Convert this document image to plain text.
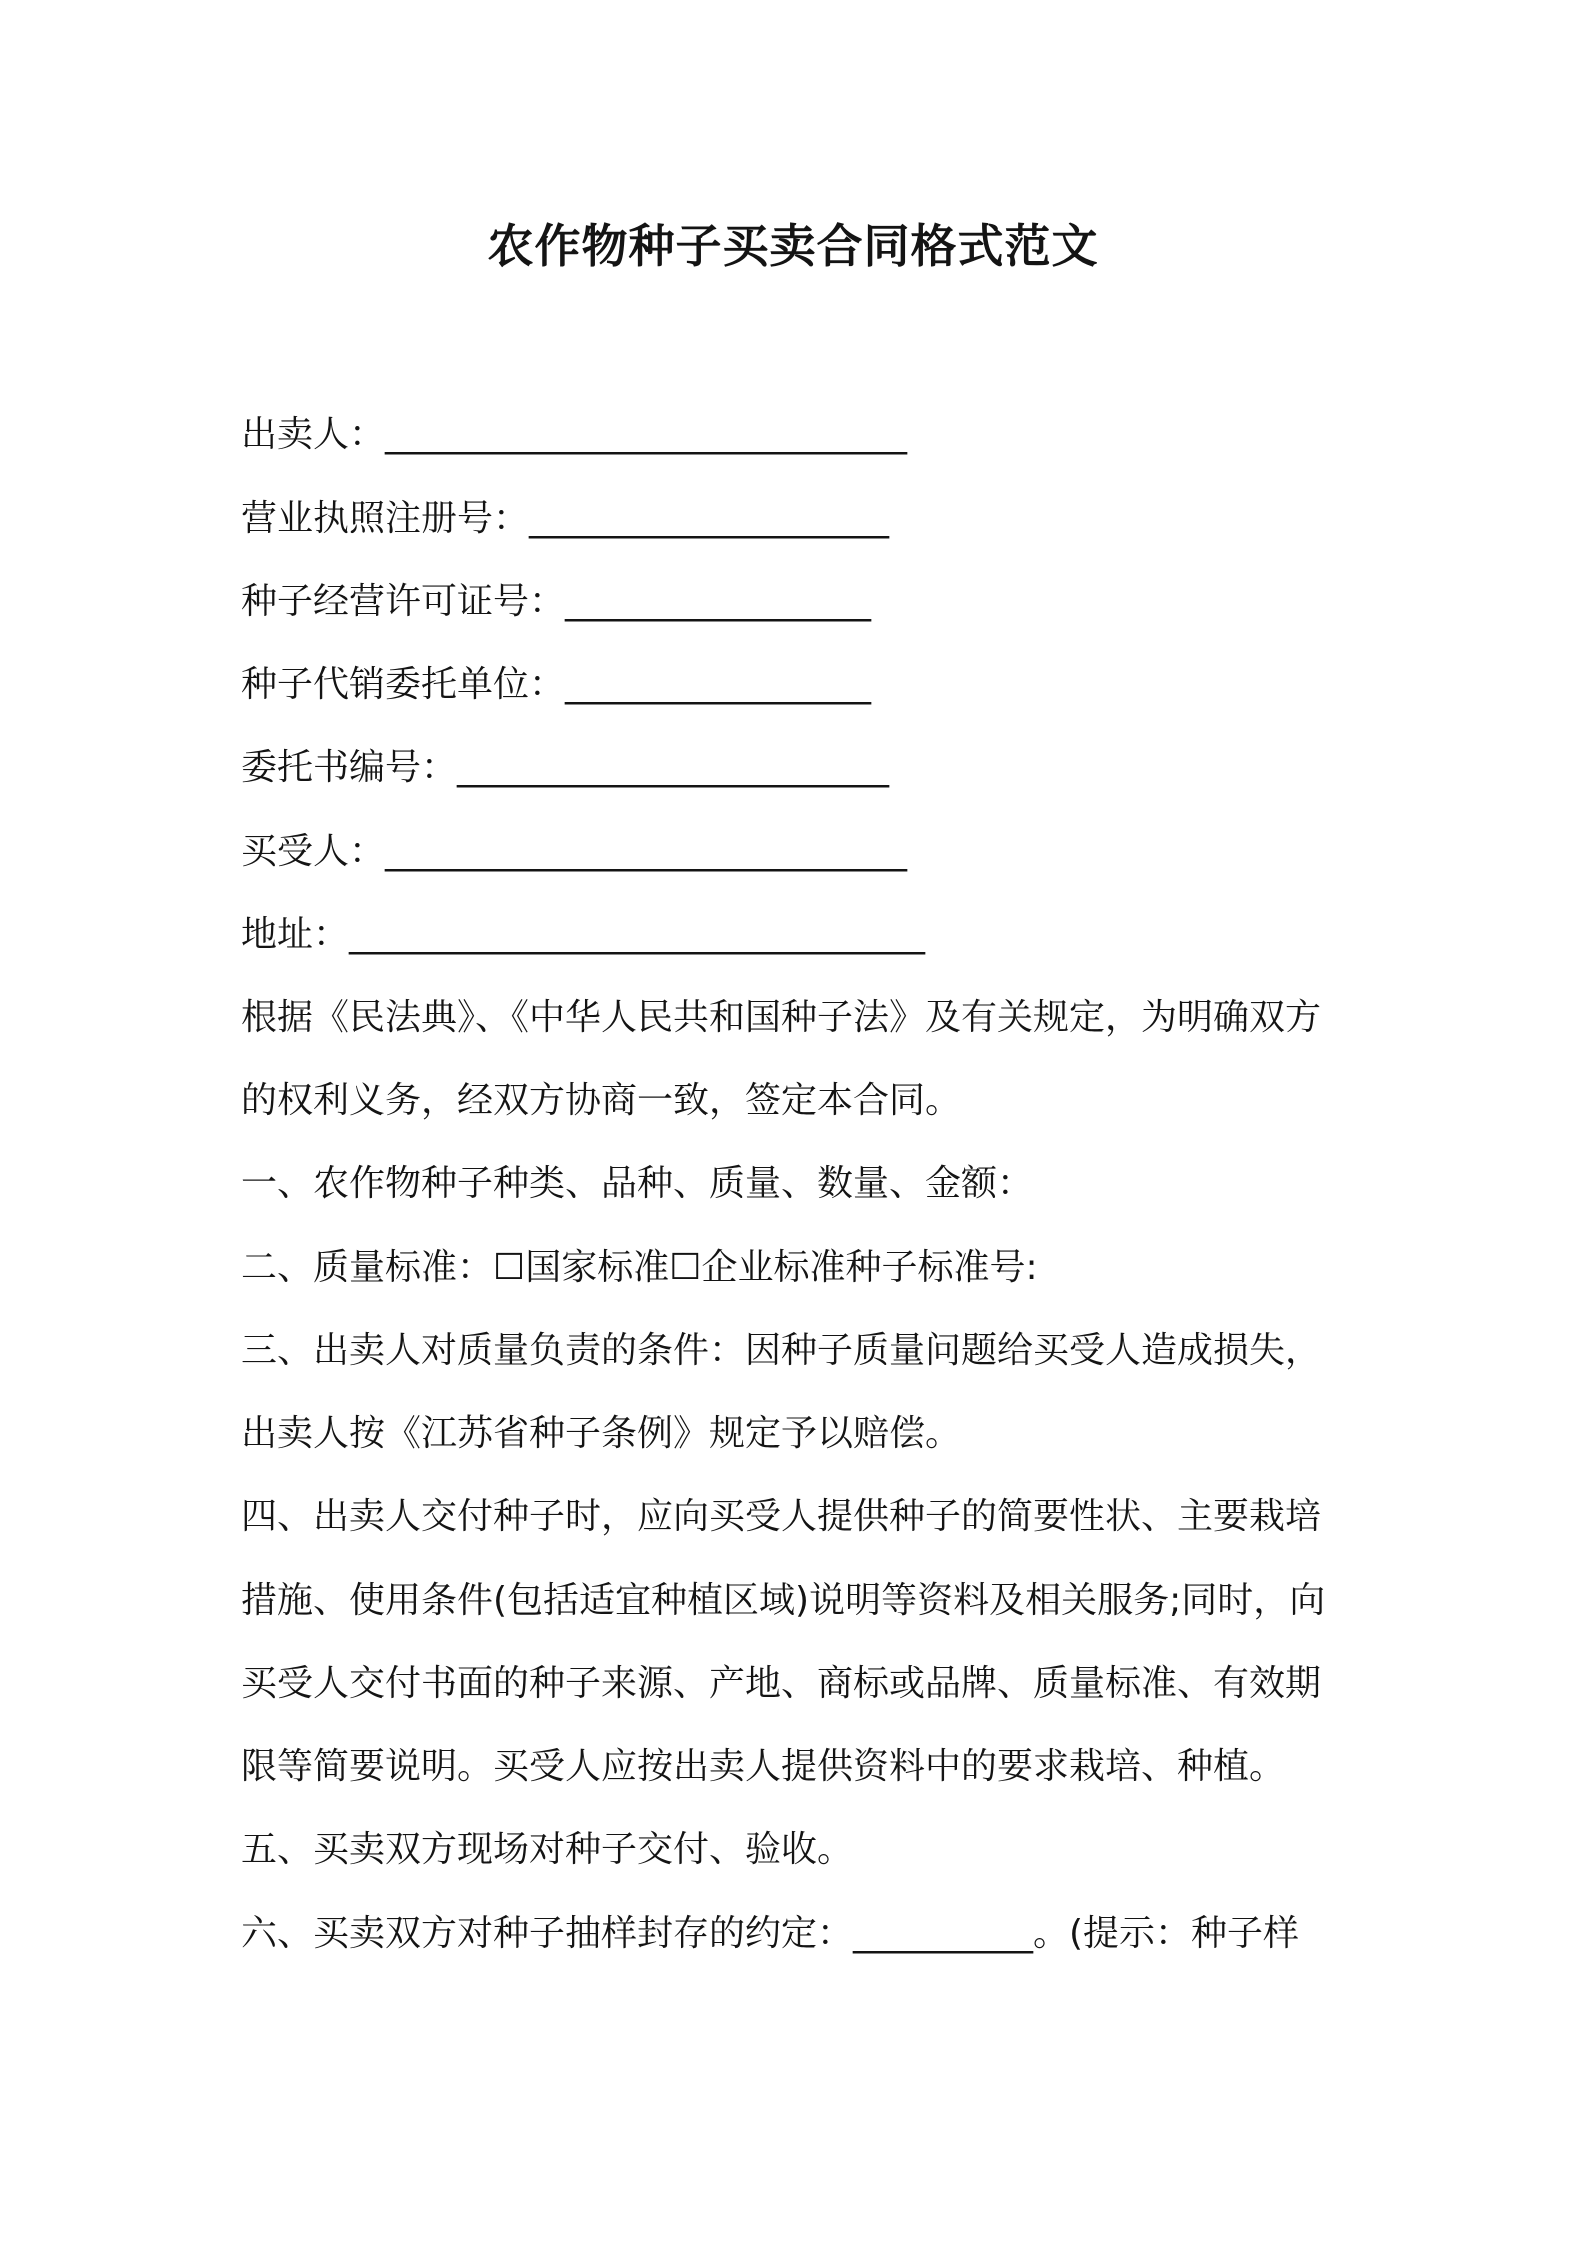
农作物种子买卖合同格式范文
出卖人：_____________________________
营业执照注册号：____________________
种子经营许可证号：_________________
种子代销委托单位：_________________
委托书编号：________________________
买受人：_____________________________
地址：________________________________
根据《民法典》、《中华人民共和国种子法》及有关规定，为明确双方
的权利义务，经双方协商一致，签定本合同。
一、农作物种子种类、品种、质量、数量、金额：
二、质量标准：☐国家标准☐企业标准种子标准号:
三、出卖人对质量负责的条件：因种子质量问题给买受人造成损失，
出卖人按《江苏省种子条例》规定予以赔偿。
四、出卖人交付种子时，应向买受人提供种子的简要性状、主要栽培
措施、使用条件(包括适宜种植区域)说明等资料及相关服务;同时，向
买受人交付书面的种子来源、产地、商标或品牌、质量标准、有效期
限等简要说明。买受人应按出卖人提供资料中的要求栽培、种植。
五、买卖双方现场对种子交付、验收。
六、买卖双方对种子抽样封存的约定：__________。(提示：种子样
